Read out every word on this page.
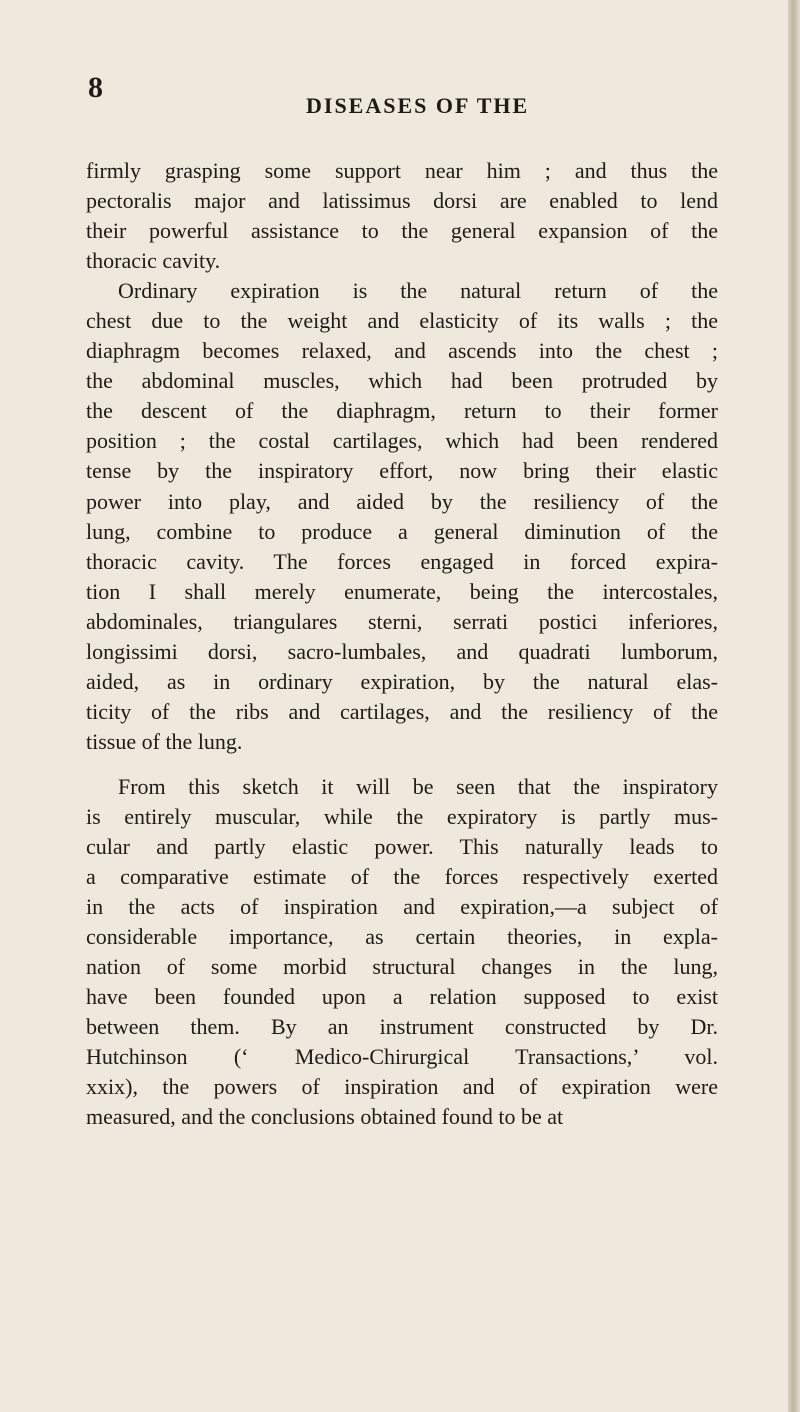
8
DISEASES OF THE
firmly grasping some support near him ; and thus the
pectoralis major and latissimus dorsi are enabled to lend
their powerful assistance to the general expansion of the
thoracic cavity.
Ordinary expiration is the natural return of the
chest due to the weight and elasticity of its walls ; the
diaphragm becomes relaxed, and ascends into the chest ;
the abdominal muscles, which had been protruded by
the descent of the diaphragm, return to their former
position ; the costal cartilages, which had been rendered
tense by the inspiratory effort, now bring their elastic
power into play, and aided by the resiliency of the
lung, combine to produce a general diminution of the
thoracic cavity. The forces engaged in forced expira-
tion I shall merely enumerate, being the intercostales,
abdominales, triangulares sterni, serrati postici inferiores,
longissimi dorsi, sacro-lumbales, and quadrati lumborum,
aided, as in ordinary expiration, by the natural elas-
ticity of the ribs and cartilages, and the resiliency of the
tissue of the lung.
From this sketch it will be seen that the inspiratory
is entirely muscular, while the expiratory is partly mus-
cular and partly elastic power. This naturally leads to
a comparative estimate of the forces respectively exerted
in the acts of inspiration and expiration,—a subject of
considerable importance, as certain theories, in expla-
nation of some morbid structural changes in the lung,
have been founded upon a relation supposed to exist
between them. By an instrument constructed by Dr.
Hutchinson (‘ Medico-Chirurgical Transactions,’ vol.
xxix), the powers of inspiration and of expiration were
measured, and the conclusions obtained found to be at
